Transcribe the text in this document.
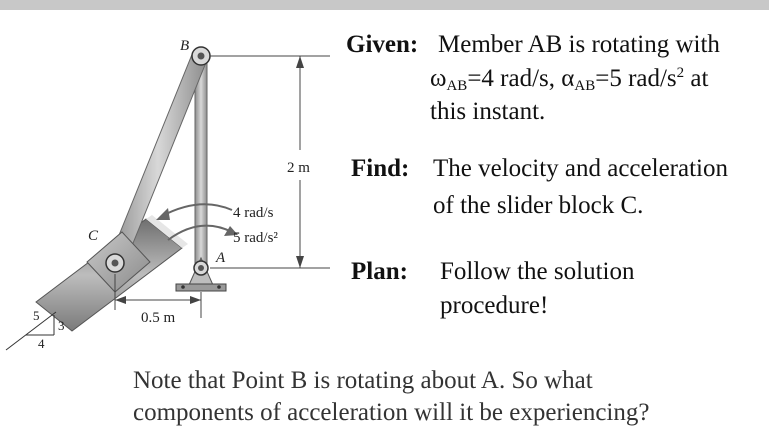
5
3
4
B
C
A
2 m
0.5 m
4 rad/s
5 rad/s²
Given: Member AB is rotating with
$\omega_{AB}=4$ rad/s, $\alpha_{AB}=5$ rad/$s^2$ at
this instant.
Find: The velocity and acceleration
of the slider block C.
Plan: Follow the solution
procedure!
Note that Point B is rotating about A. So what
components of acceleration will it be experiencing?
